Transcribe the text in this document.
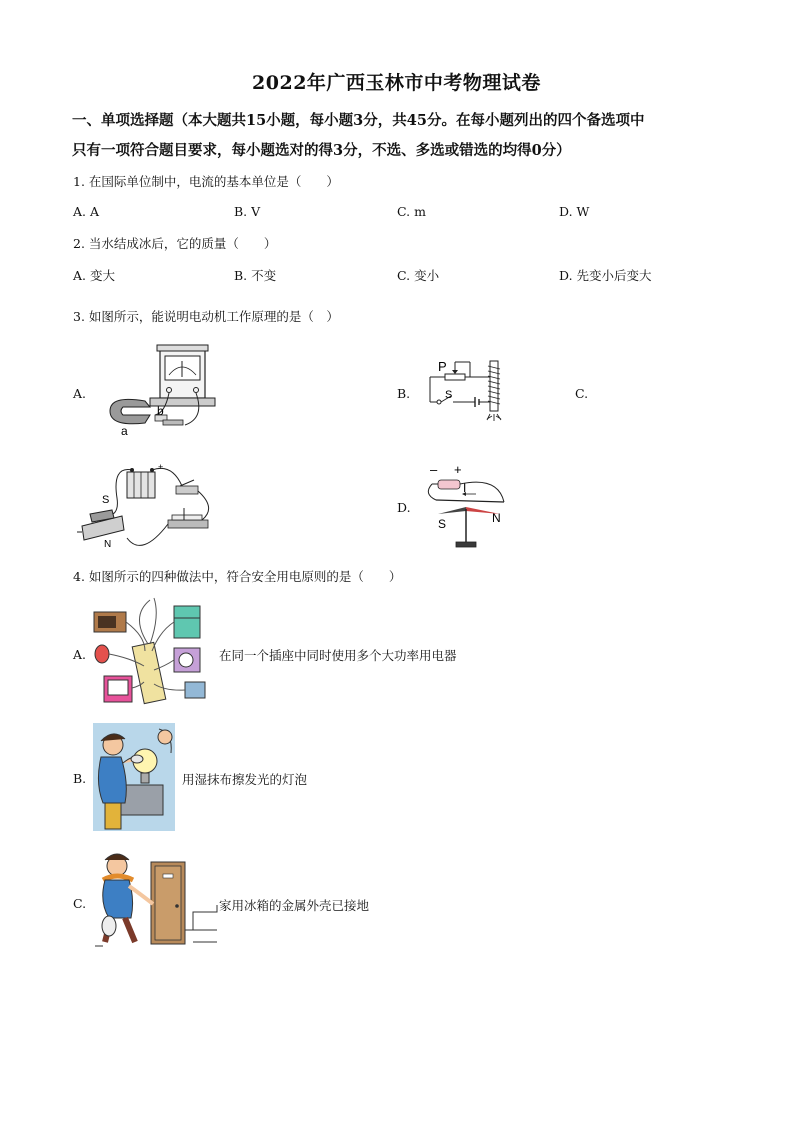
2022年广西玉林市中考物理试卷
一、单项选择题（本大题共15小题，每小题3分，共45分。在每小题列出的四个备选项中
只有一项符合题目要求，每小题选对的得3分，不选、多选或错选的均得0分）
1. 在国际单位制中，电流的基本单位是（　　）
A. A	B. V	C. m	D. W
2. 当水结成冰后，它的质量（　　）
A. 变大	B. 不变	C. 变小	D. 先变小后变大
3. 如图所示，能说明电动机工作原理的是（　）
A.	B.	C.
D.
a
b
P
S
+
S
N
– +
I
S	N
4. 如图所示的四种做法中，符合安全用电原则的是（　　）
A.	在同一个插座中同时使用多个大功率用电器
B.	用湿抹布擦发光的灯泡
C.	家用冰箱的金属外壳已接地
